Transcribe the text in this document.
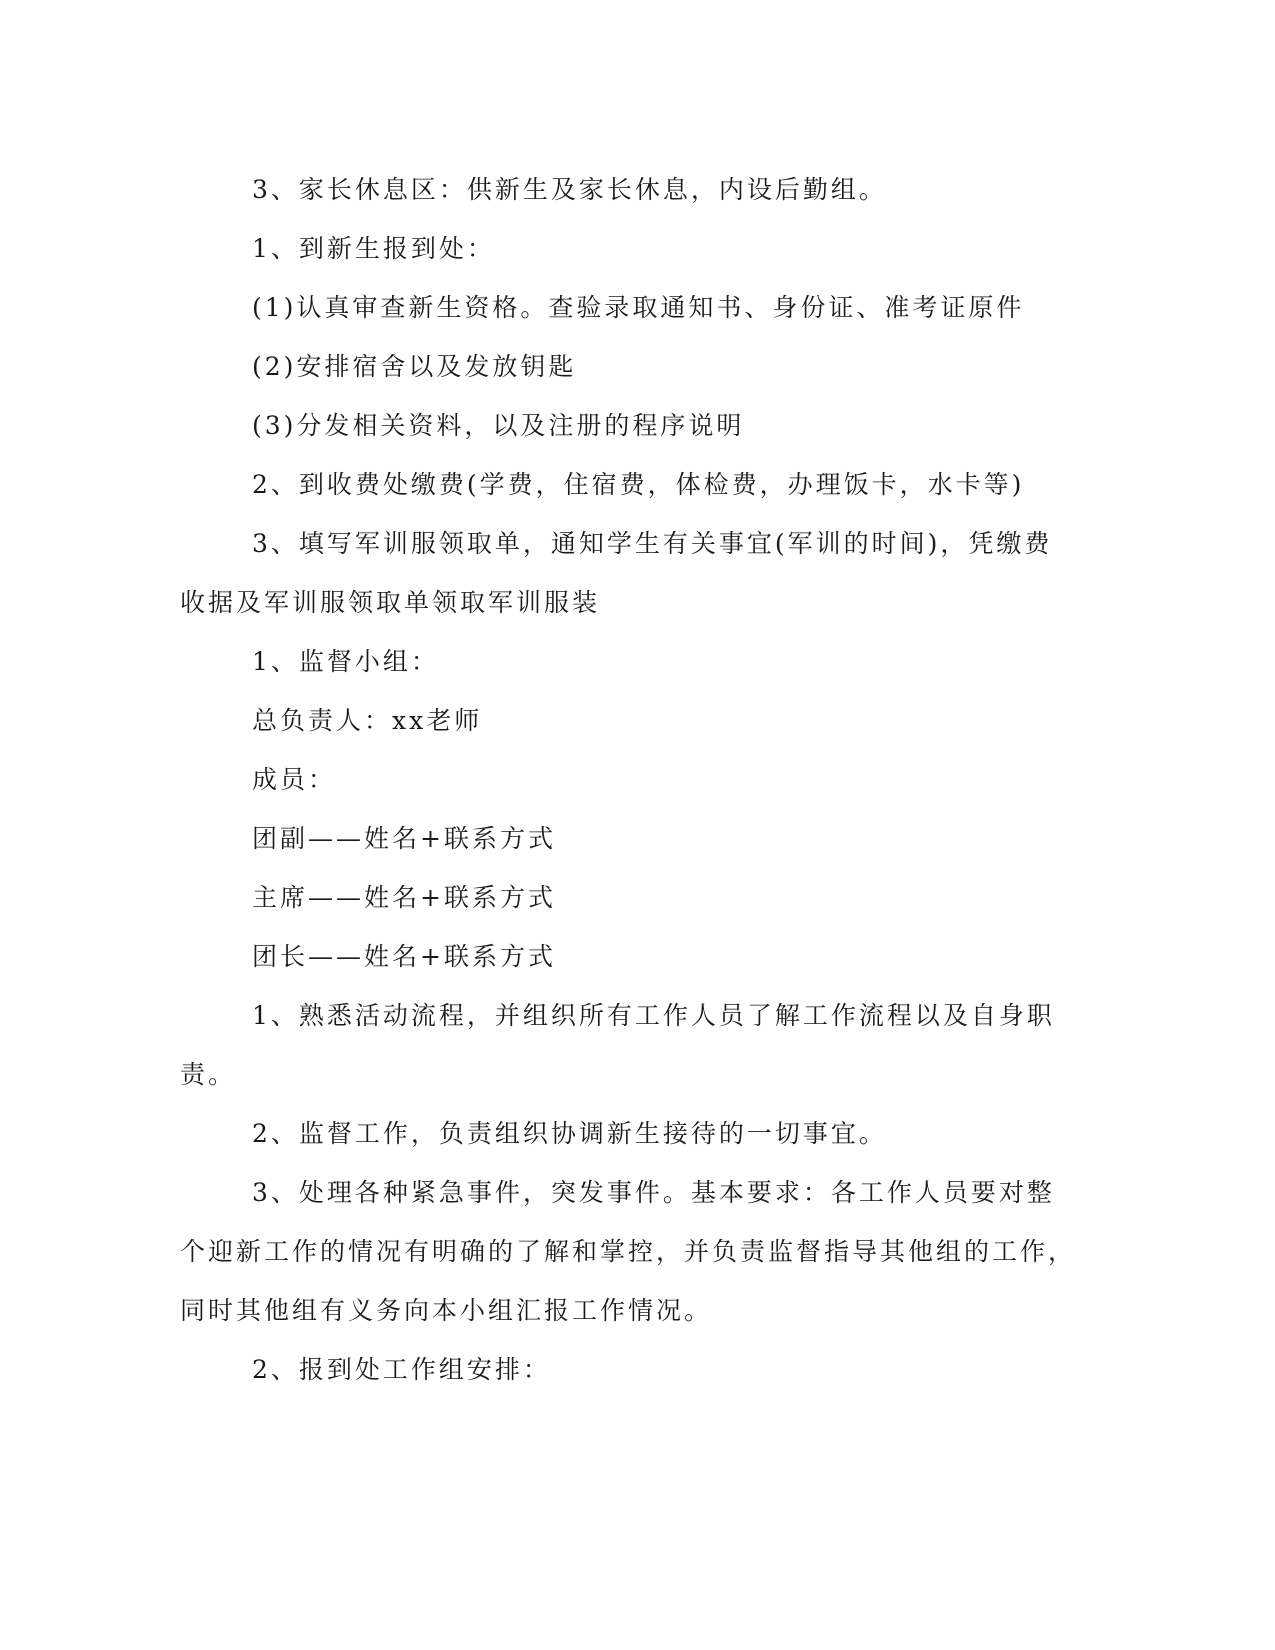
3、家长休息区：供新生及家长休息，内设后勤组。

1、到新生报到处：

(1)认真审查新生资格。查验录取通知书、身份证、准考证原件

(2)安排宿舍以及发放钥匙

(3)分发相关资料，以及注册的程序说明

2、到收费处缴费(学费，住宿费，体检费，办理饭卡，水卡等)

3、填写军训服领取单，通知学生有关事宜(军训的时间)，凭缴费收据及军训服领取单领取军训服装

1、监督小组：

总负责人：xx老师

成员：

团副——姓名+联系方式

主席——姓名+联系方式

团长——姓名+联系方式

1、熟悉活动流程，并组织所有工作人员了解工作流程以及自身职责。

2、监督工作，负责组织协调新生接待的一切事宜。

3、处理各种紧急事件，突发事件。基本要求：各工作人员要对整个迎新工作的情况有明确的了解和掌控，并负责监督指导其他组的工作，同时其他组有义务向本小组汇报工作情况。

2、报到处工作组安排：
